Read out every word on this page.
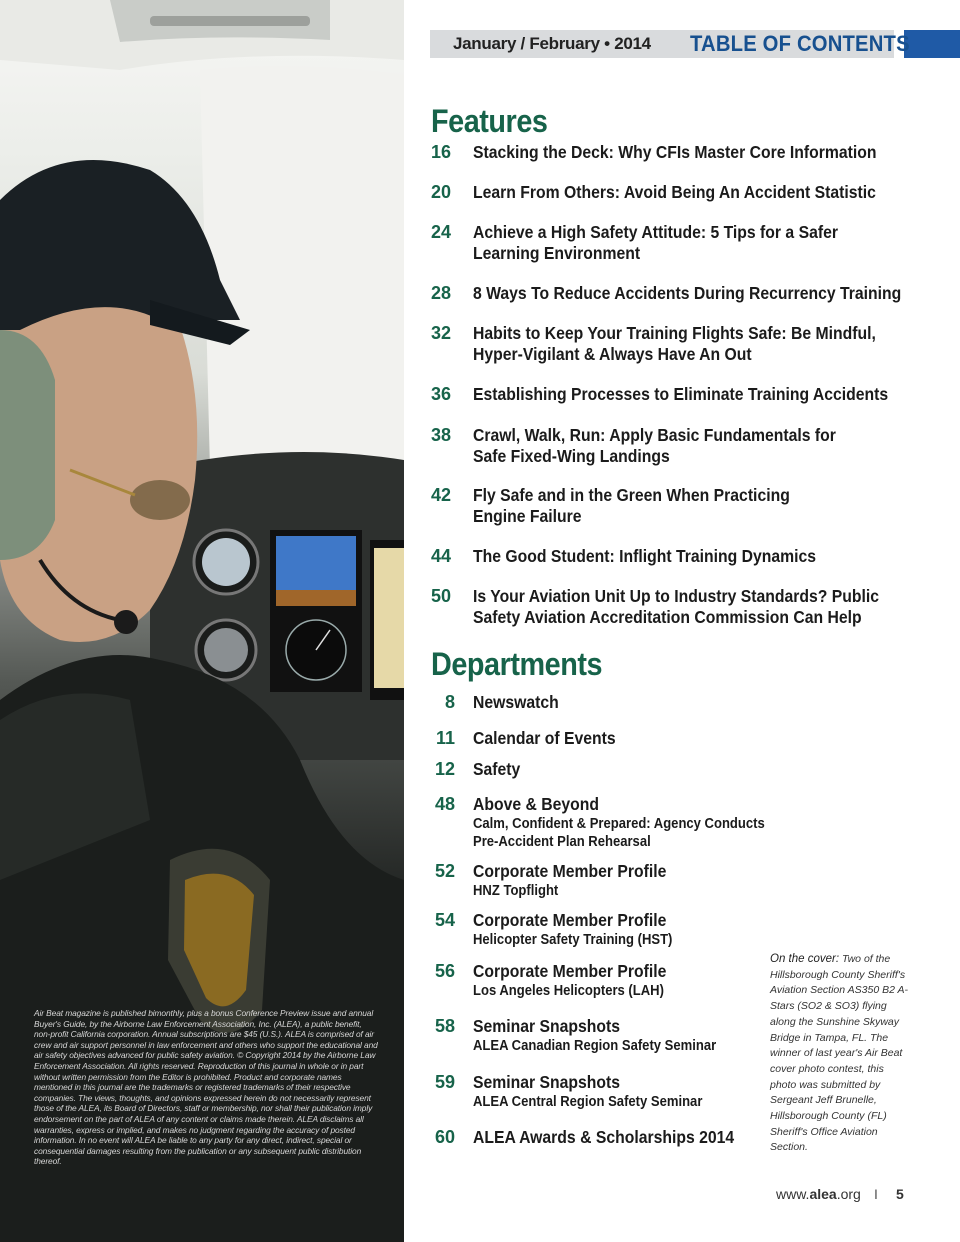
Air Beat magazine is published bimonthly, plus a bonus Conference Preview issue and annual Buyer's Guide, by the Airborne Law Enforcement Association, Inc. (ALEA), a public benefit, non-profit California corporation. Annual subscriptions are $45 (U.S.). ALEA is comprised of air crew and air support personnel in law enforcement and others who support the educational and air safety objectives advanced for public safety aviation. © Copyright 2014 by the Airborne Law Enforcement Association. All rights reserved. Reproduction of this journal in whole or in part without written permission from the Editor is prohibited. Product and corporate names mentioned in this journal are the trademarks or registered trademarks of their respective companies. The views, thoughts, and opinions expressed herein do not necessarily represent those of the ALEA, its Board of Directors, staff or membership, nor shall their publication imply endorsement on the part of ALEA of any content or claims made therein. ALEA disclaims all warranties, express or implied, and makes no judgment regarding the accuracy of posted information. In no event will ALEA be liable to any party for any direct, indirect, special or consequential damages resulting from the publication or any subsequent public distribution thereof.
January / February • 2014 TABLE OF CONTENTS
Features
16 Stacking the Deck: Why CFIs Master Core Information
20 Learn From Others: Avoid Being An Accident Statistic
24 Achieve a High Safety Attitude: 5 Tips for a Safer
Learning Environment
28 8 Ways To Reduce Accidents During Recurrency Training
32 Habits to Keep Your Training Flights Safe: Be Mindful,
Hyper-Vigilant & Always Have An Out
36 Establishing Processes to Eliminate Training Accidents
38 Crawl, Walk, Run: Apply Basic Fundamentals for
Safe Fixed-Wing Landings
42 Fly Safe and in the Green When Practicing
Engine Failure
44 The Good Student: Inflight Training Dynamics
50 Is Your Aviation Unit Up to Industry Standards? Public
Safety Aviation Accreditation Commission Can Help
Departments
8 Newswatch
11 Calendar of Events
12 Safety
48 Above & Beyond
Calm, Confident & Prepared: Agency Conducts
Pre-Accident Plan Rehearsal
52 Corporate Member Profile
HNZ Topflight
54 Corporate Member Profile
Helicopter Safety Training (HST)
56 Corporate Member Profile
Los Angeles Helicopters (LAH)
58 Seminar Snapshots
ALEA Canadian Region Safety Seminar
59 Seminar Snapshots
ALEA Central Region Safety Seminar
60 ALEA Awards & Scholarships 2014
On the cover: Two of the Hillsborough County Sheriff's Aviation Section AS350 B2 A-Stars (SO2 & SO3) flying along the Sunshine Skyway Bridge in Tampa, FL. The winner of last year's Air Beat cover photo contest, this photo was submitted by Sergeant Jeff Brunelle, Hillsborough County (FL) Sheriff's Office Aviation Section.
www.alea.org I 5
